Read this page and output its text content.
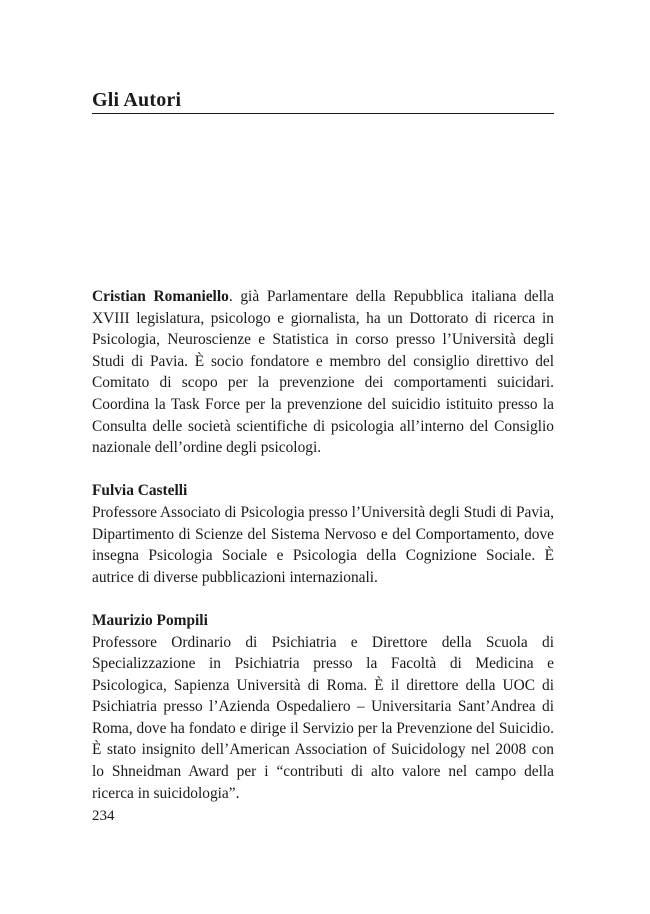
Gli Autori

Cristian Romaniello. già Parlamentare della Repubblica italiana della XVIII legislatura, psicologo e giornalista, ha un Dottorato di ricerca in Psicologia, Neuroscienze e Statistica in corso presso l’Università degli Studi di Pavia. È socio fondatore e membro del consiglio direttivo del Comitato di scopo per la prevenzione dei comportamenti suicidari. Coordina la Task Force per la prevenzione del suicidio istituito presso la Consulta delle società scientifiche di psicologia all’interno del Consiglio nazionale dell’ordine degli psicologi.

Fulvia Castelli

Professore Associato di Psicologia presso l’Università degli Studi di Pavia, Dipartimento di Scienze del Sistema Nervoso e del Comportamento, dove insegna Psicologia Sociale e Psicologia della Cognizione Sociale. È autrice di diverse pubblicazioni internazionali.

Maurizio Pompili

Professore Ordinario di Psichiatria e Direttore della Scuola di Specializzazione in Psichiatria presso la Facoltà di Medicina e Psicologica, Sapienza Università di Roma. È il direttore della UOC di Psichiatria presso l’Azienda Ospedaliero – Universitaria Sant’Andrea di Roma, dove ha fondato e dirige il Servizio per la Prevenzione del Suicidio. È stato insignito dell’American Association of Suicidology nel 2008 con lo Shneidman Award per i “contributi di alto valore nel campo della ricerca in suicidologia”.

234
